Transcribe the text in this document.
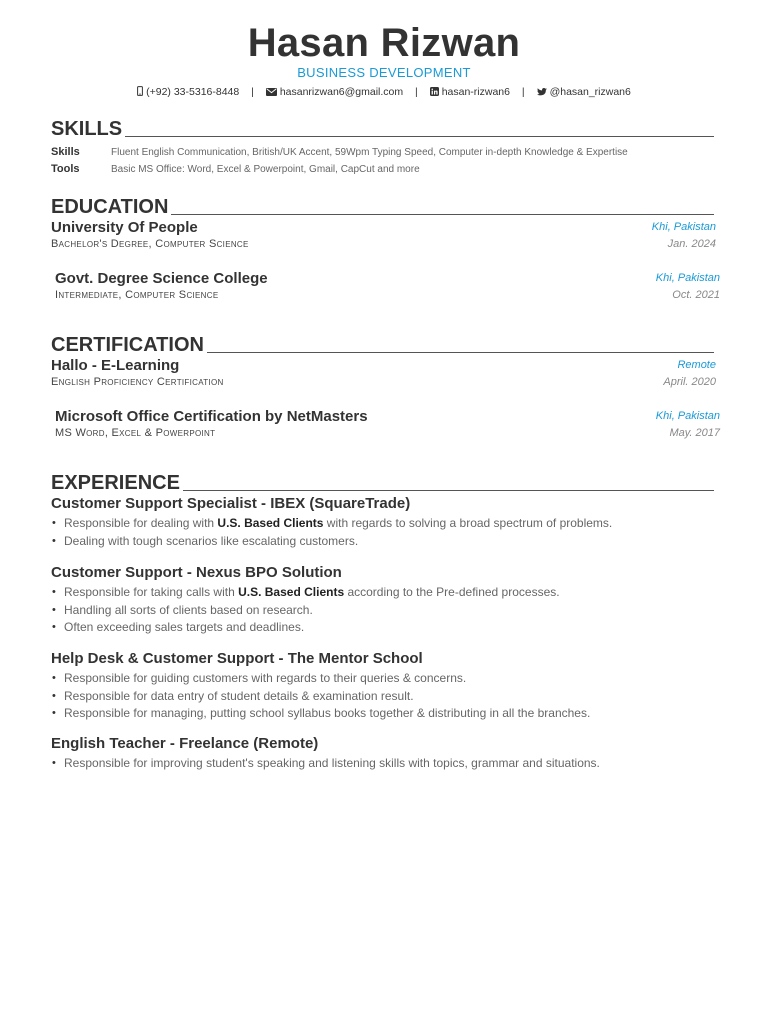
Hasan Rizwan
BUSINESS DEVELOPMENT
(+92) 33-5316-8448 | hasanrizwan6@gmail.com | hasan-rizwan6 | @hasan_rizwan6
SKILLS
Skills	Fluent English Communication, British/UK Accent, 59Wpm Typing Speed, Computer in-depth Knowledge & Expertise
Tools	Basic MS Office: Word, Excel & Powerpoint, Gmail, CapCut and more
EDUCATION
University Of People	Khi, Pakistan
Bachelor's Degree, Computer Science	Jan. 2024
Govt. Degree Science College	Khi, Pakistan
Intermediate, Computer Science	Oct. 2021
CERTIFICATION
Hallo - E-Learning	Remote
English Proficiency Certification	April. 2020
Microsoft Office Certification by NetMasters	Khi, Pakistan
MS Word, Excel & Powerpoint	May. 2017
EXPERIENCE
Customer Support Specialist - IBEX (SquareTrade)
• Responsible for dealing with U.S. Based Clients with regards to solving a broad spectrum of problems.
• Dealing with tough scenarios like escalating customers.
Customer Support - Nexus BPO Solution
• Responsible for taking calls with U.S. Based Clients according to the Pre-defined processes.
• Handling all sorts of clients based on research.
• Often exceeding sales targets and deadlines.
Help Desk & Customer Support - The Mentor School
• Responsible for guiding customers with regards to their queries & concerns.
• Responsible for data entry of student details & examination result.
• Responsible for managing, putting school syllabus books together & distributing in all the branches.
English Teacher - Freelance (Remote)
• Responsible for improving student's speaking and listening skills with topics, grammar and situations.
